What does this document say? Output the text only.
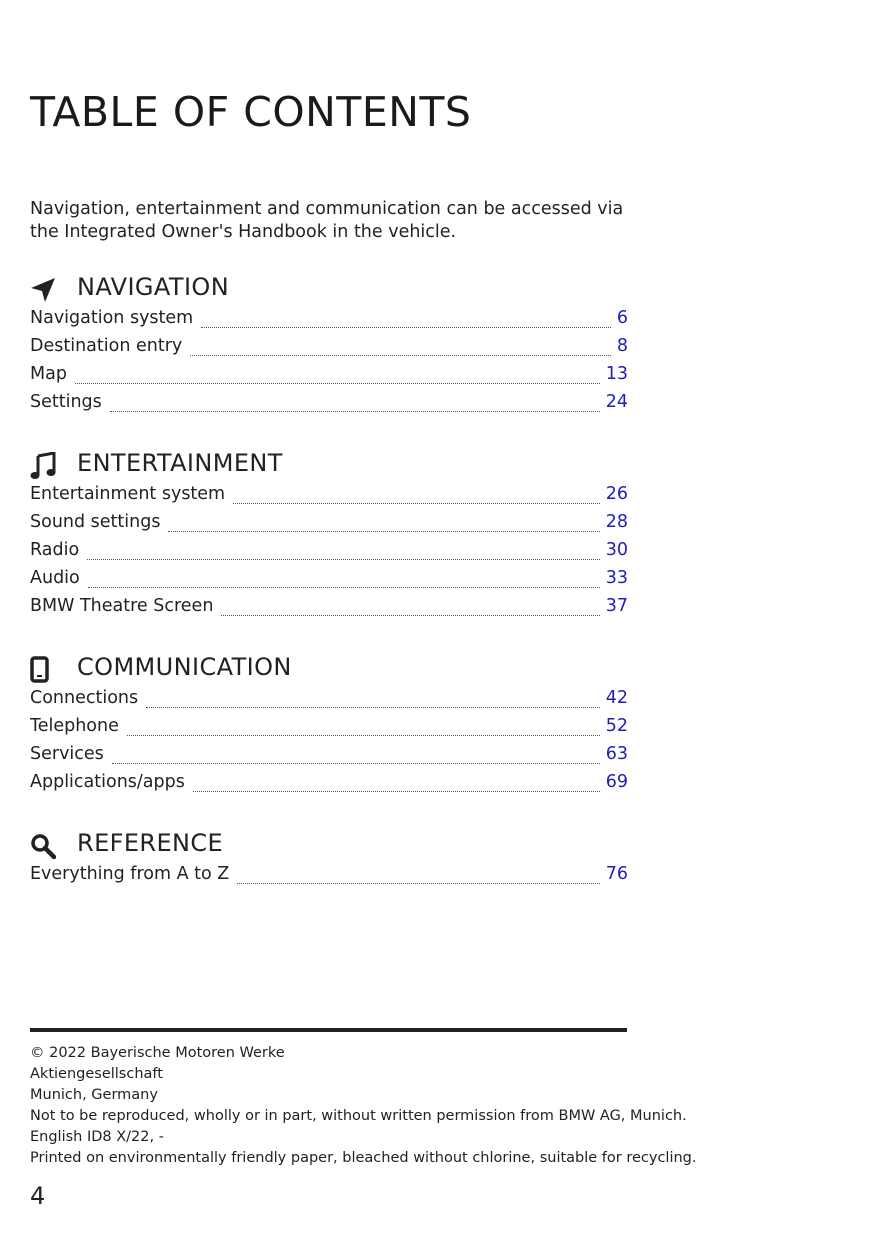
TABLE OF CONTENTS

Navigation, entertainment and communication can be accessed via the Integrated Owner's Handbook in the vehicle.

NAVIGATION
Navigation system	6
Destination entry	8
Map	13
Settings	24
ENTERTAINMENT
Entertainment system	26
Sound settings	28
Radio	30
Audio	33
BMW Theatre Screen	37
COMMUNICATION
Connections	42
Telephone	52
Services	63
Applications/apps	69
REFERENCE
Everything from A to Z	76
© 2022 Bayerische Motoren Werke
Aktiengesellschaft
Munich, Germany
Not to be reproduced, wholly or in part, without written permission from BMW AG, Munich.
English ID8 X/22, -
Printed on environmentally friendly paper, bleached without chlorine, suitable for recycling.
4
